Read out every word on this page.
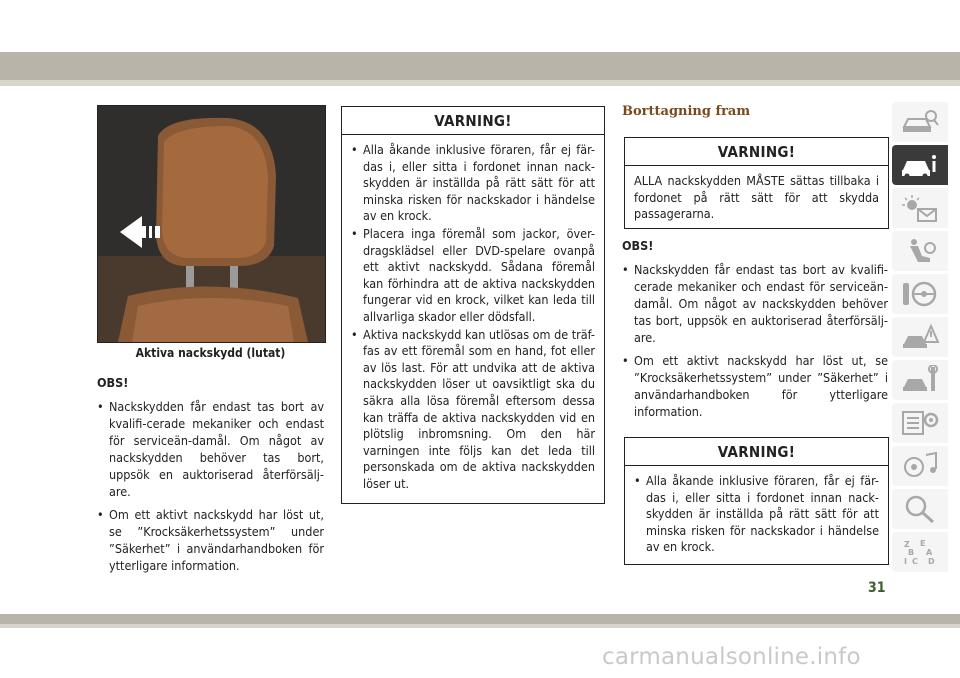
Aktiva nackskydd (lutat)
OBS!
• Nackskydden får endast tas bort av kvalifi-cerade mekaniker och endast för serviceän-damål. Om något av nackskydden behöver tas bort, uppsök en auktoriserad återförsälj-are.
• Om ett aktivt nackskydd har löst ut, se ”Krocksäkerhetssystem” under ”Säkerhet” i användarhandboken för ytterligare information.
VARNING!
• Alla åkande inklusive föraren, får ej fär-das i, eller sitta i fordonet innan nack-skydden är inställda på rätt sätt för att minska risken för nackskador i händelse av en krock.
• Placera inga föremål som jackor, över-dragsklädsel eller DVD-spelare ovanpå ett aktivt nackskydd. Sådana föremål kan förhindra att de aktiva nackskydden fungerar vid en krock, vilket kan leda till allvarliga skador eller dödsfall.
• Aktiva nackskydd kan utlösas om de träf-fas av ett föremål som en hand, fot eller av lös last. För att undvika att de aktiva nackskydden löser ut oavsiktligt ska du säkra alla lösa föremål eftersom dessa kan träffa de aktiva nackskydden vid en plötslig inbromsning. Om den här varningen inte följs kan det leda till personskada om de aktiva nackskydden löser ut.
Borttagning fram
VARNING!
ALLA nackskydden MÅSTE sättas tillbaka i fordonet på rätt sätt för att skydda passagerarna.
OBS!
• Nackskydden får endast tas bort av kvalifi-cerade mekaniker och endast för serviceän-damål. Om något av nackskydden behöver tas bort, uppsök en auktoriserad återförsälj-are.
• Om ett aktivt nackskydd har löst ut, se ”Krocksäkerhetssystem” under ”Säkerhet” i användarhandboken för ytterligare information.
VARNING!
• Alla åkande inklusive föraren, får ej fär-das i, eller sitta i fordonet innan nack-skydden är inställda på rätt sätt för att minska risken för nackskador i händelse av en krock.	Z E
B A
I C D
31
carmanualsonline.info
